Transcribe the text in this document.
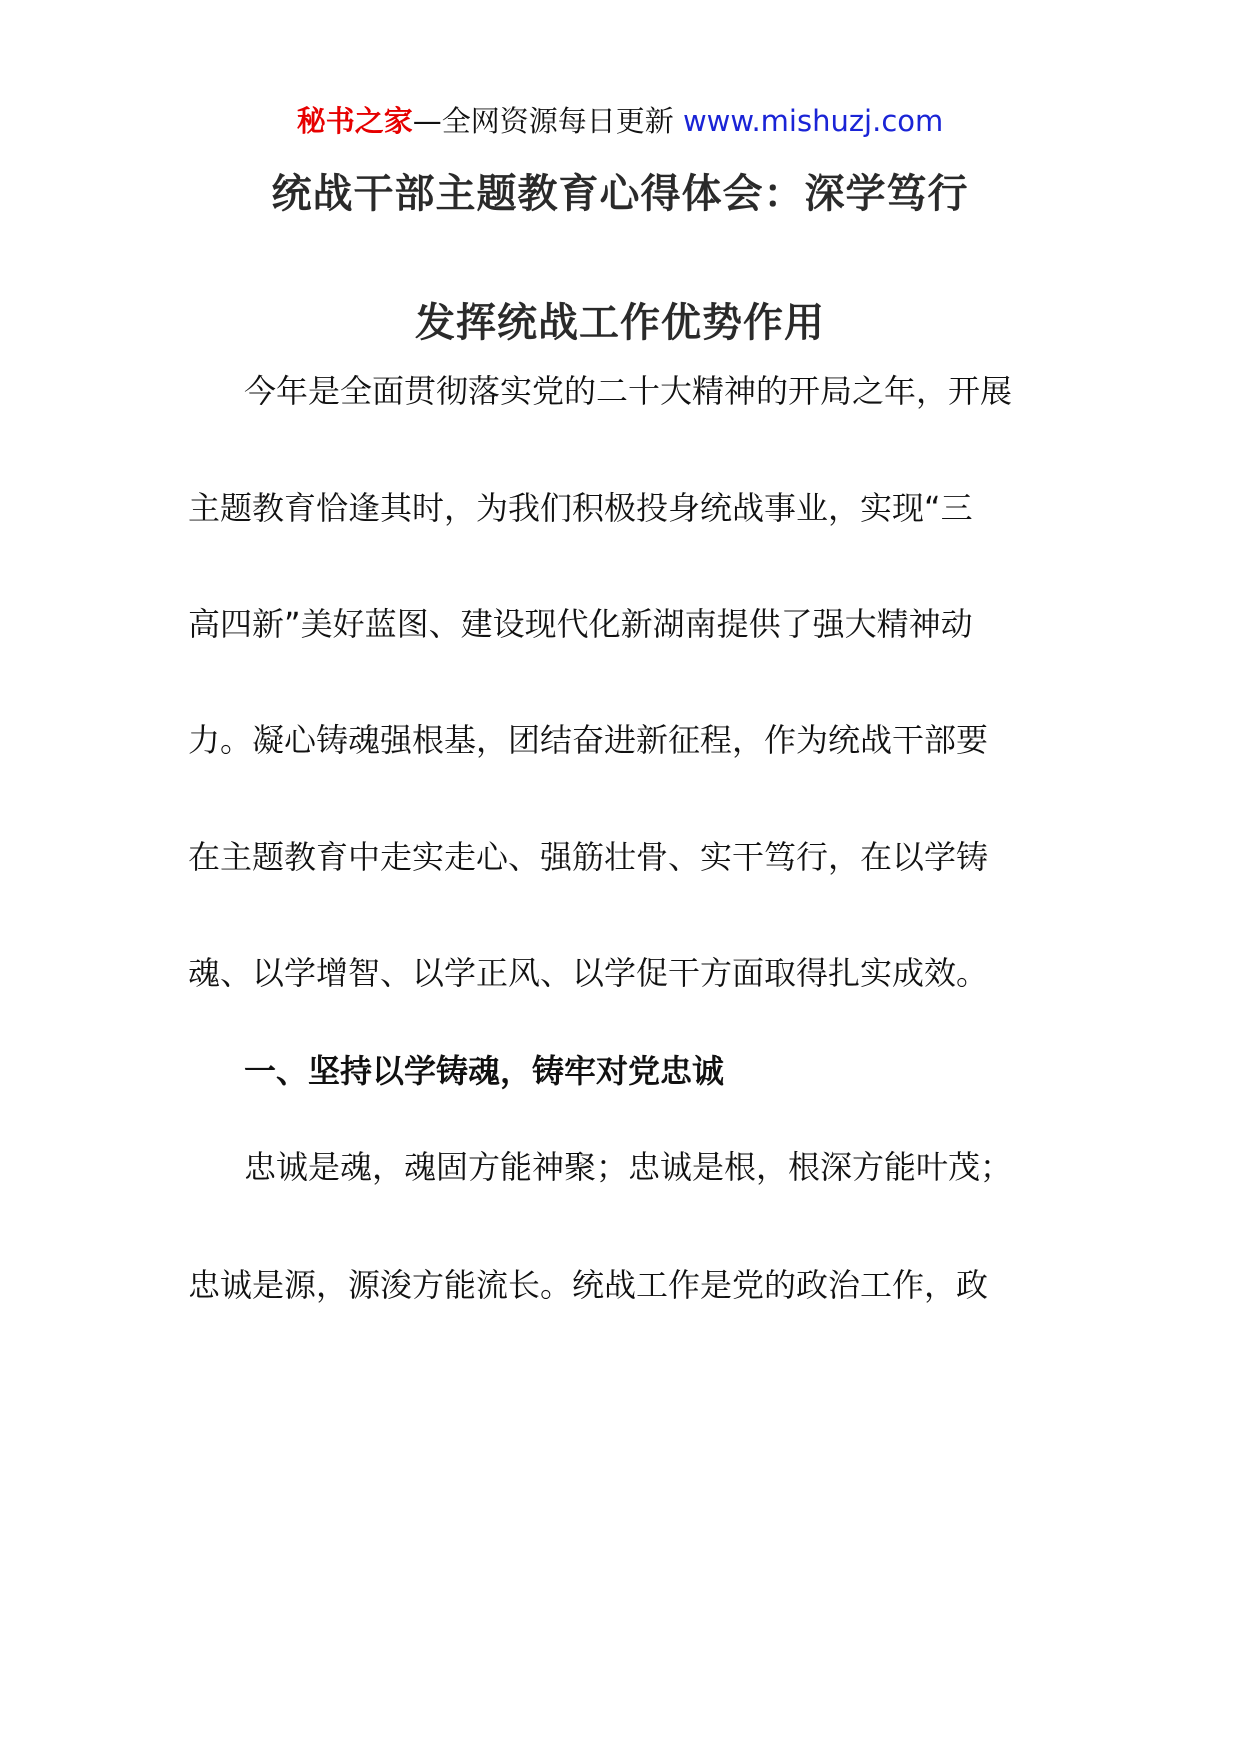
秘书之家—全网资源每日更新 www.mishuzj.com
统战干部主题教育心得体会：深学笃行
发挥统战工作优势作用
今年是全面贯彻落实党的二十大精神的开局之年，开展
主题教育恰逢其时，为我们积极投身统战事业，实现“三
高四新”美好蓝图、建设现代化新湖南提供了强大精神动
力。凝心铸魂强根基，团结奋进新征程，作为统战干部要
在主题教育中走实走心、强筋壮骨、实干笃行，在以学铸
魂、以学增智、以学正风、以学促干方面取得扎实成效。
一、坚持以学铸魂，铸牢对党忠诚
忠诚是魂，魂固方能神聚；忠诚是根，根深方能叶茂；
忠诚是源，源浚方能流长。统战工作是党的政治工作，政
